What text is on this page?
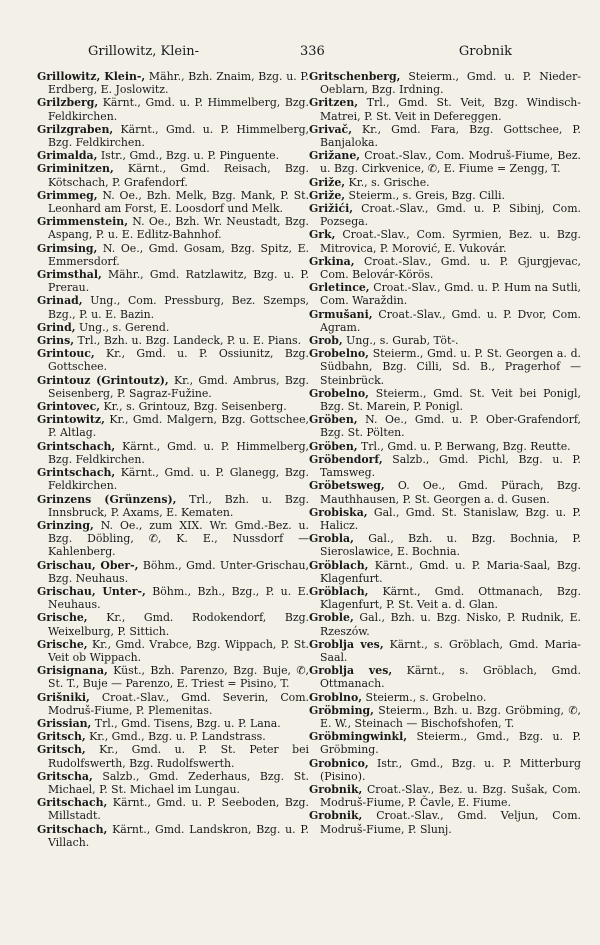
Grillowitz, Klein-	336	Grobnik

Grillowitz, Klein-, Mähr., Bzh. Znaim, Bzg. u. P. Erdberg, E. Joslowitz.

Grilzberg, Kärnt., Gmd. u. P. Himmelberg, Bzg. Feldkirchen.

Grilzgraben, Kärnt., Gmd. u. P. Himmelberg, Bzg. Feldkirchen.

Grimalda, Istr., Gmd., Bzg. u. P. Pinguente.

Griminitzen, Kärnt., Gmd. Reisach, Bzg. Kötschach, P. Grafendorf.

Grimmeg, N. Oe., Bzh. Melk, Bzg. Mank, P. St. Leonhard am Forst, E. Loosdorf und Melk.

Grimmenstein, N. Oe., Bzh. Wr. Neustadt, Bzg. Aspang, P. u. E. Edlitz-Bahnhof.

Grimsing, N. Oe., Gmd. Gosam, Bzg. Spitz, E. Emmersdorf.

Grimsthal, Mähr., Gmd. Ratzlawitz, Bzg. u. P. Prerau.

Grinad, Ung., Com. Pressburg, Bez. Szemps, Bzg., P. u. E. Bazin.

Grind, Ung., s. Gerend.

Grins, Trl., Bzh. u. Bzg. Landeck, P. u. E. Pians.

Grintouc, Kr., Gmd. u. P. Ossiunitz, Bzg. Gottschee.

Grintouz (Grintoutz), Kr., Gmd. Ambrus, Bzg. Seisenberg, P. Sagraz-Fužine.

Grintovec, Kr., s. Grintouz, Bzg. Seisenberg.

Grintowitz, Kr., Gmd. Malgern, Bzg. Gottschee, P. Altlag.

Grintschach, Kärnt., Gmd. u. P. Himmelberg, Bzg. Feldkirchen.

Grintschach, Kärnt., Gmd. u. P. Glanegg, Bzg. Feldkirchen.

Grinzens (Grünzens), Trl., Bzh. u. Bzg. Innsbruck, P. Axams, E. Kematen.

Grinzing, N. Oe., zum XIX. Wr. Gmd.-Bez. u. Bzg. Döbling, ✆, K. E., Nussdorf — Kahlenberg.

Grischau, Ober-, Böhm., Gmd. Unter-Grischau, Bzg. Neuhaus.

Grischau, Unter-, Böhm., Bzh., Bzg., P. u. E. Neuhaus.

Grische, Kr., Gmd. Rodokendorf, Bzg. Weixelburg, P. Sittich.

Grische, Kr., Gmd. Vrabce, Bzg. Wippach, P. St. Veit ob Wippach.

Grisignana, Küst., Bzh. Parenzo, Bzg. Buje, ✆, St. T., Buje — Parenzo, E. Triest = Pisino, T.

Grišniki, Croat.-Slav., Gmd. Severin, Com. Modruš-Fiume, P. Plemenitas.

Grissian, Trl., Gmd. Tisens, Bzg. u. P. Lana.

Gritsch, Kr., Gmd., Bzg. u. P. Landstrass.

Gritsch, Kr., Gmd. u. P. St. Peter bei Rudolfswerth, Bzg. Rudolfswerth.

Gritscha, Salzb., Gmd. Zederhaus, Bzg. St. Michael, P. St. Michael im Lungau.

Gritschach, Kärnt., Gmd. u. P. Seeboden, Bzg. Millstadt.

Gritschach, Kärnt., Gmd. Landskron, Bzg. u. P. Villach.

Gritschenberg, Steierm., Gmd. u. P. Nieder-Oeblarn, Bzg. Irdning.

Gritzen, Trl., Gmd. St. Veit, Bzg. Windisch-Matrei, P. St. Veit in Defereggen.

Grivač, Kr., Gmd. Fara, Bzg. Gottschee, P. Banjaloka.

Grižane, Croat.-Slav., Com. Modruš-Fiume, Bez. u. Bzg. Cirkvenice, ✆, E. Fiume = Zengg, T.

Griže, Kr., s. Grische.

Griže, Steierm., s. Greis, Bzg. Cilli.

Grižići, Croat.-Slav., Gmd. u. P. Sibinj, Com. Pozsega.

Grk, Croat.-Slav., Com. Syrmien, Bez. u. Bzg. Mitrovica, P. Morović, E. Vukovár.

Grkina, Croat.-Slav., Gmd. u. P. Gjurgjevac, Com. Belovár-Körös.

Grletince, Croat.-Slav., Gmd. u. P. Hum na Sutli, Com. Waraždin.

Grmušani, Croat.-Slav., Gmd. u. P. Dvor, Com. Agram.

Grob, Ung., s. Gurab, Töt-.

Grobelno, Steierm., Gmd. u. P. St. Georgen a. d. Südbahn, Bzg. Cilli, Sd. B., Pragerhof — Steinbrück.

Grobelno, Steierm., Gmd. St. Veit bei Ponigl, Bzg. St. Marein, P. Ponigl.

Gröben, N. Oe., Gmd. u. P. Ober-Grafendorf, Bzg. St. Pölten.

Gröben, Trl., Gmd. u. P. Berwang, Bzg. Reutte.

Gröbendorf, Salzb., Gmd. Pichl, Bzg. u. P. Tamsweg.

Gröbetsweg, O. Oe., Gmd. Pürach, Bzg. Mauthhausen, P. St. Georgen a. d. Gusen.

Grobiska, Gal., Gmd. St. Stanislaw, Bzg. u. P. Halicz.

Grobla, Gal., Bzh. u. Bzg. Bochnia, P. Sieroslawice, E. Bochnia.

Gröblach, Kärnt., Gmd. u. P. Maria-Saal, Bzg. Klagenfurt.

Gröblach, Kärnt., Gmd. Ottmanach, Bzg. Klagenfurt, P. St. Veit a. d. Glan.

Groble, Gal., Bzh. u. Bzg. Nisko, P. Rudnik, E. Rzeszów.

Groblja ves, Kärnt., s. Gröblach, Gmd. Maria-Saal.

Groblja ves, Kärnt., s. Gröblach, Gmd. Ottmanach.

Groblno, Steierm., s. Grobelno.

Gröbming, Steierm., Bzh. u. Bzg. Gröbming, ✆, E. W., Steinach — Bischofshofen, T.

Gröbmingwinkl, Steierm., Gmd., Bzg. u. P. Gröbming.

Grobnico, Istr., Gmd., Bzg. u. P. Mitterburg (Pisino).

Grobnik, Croat.-Slav., Bez. u. Bzg. Sušak, Com. Modruš-Fiume, P. Čavle, E. Fiume.

Grobnik, Croat.-Slav., Gmd. Veljun, Com. Modruš-Fiume, P. Slunj.
